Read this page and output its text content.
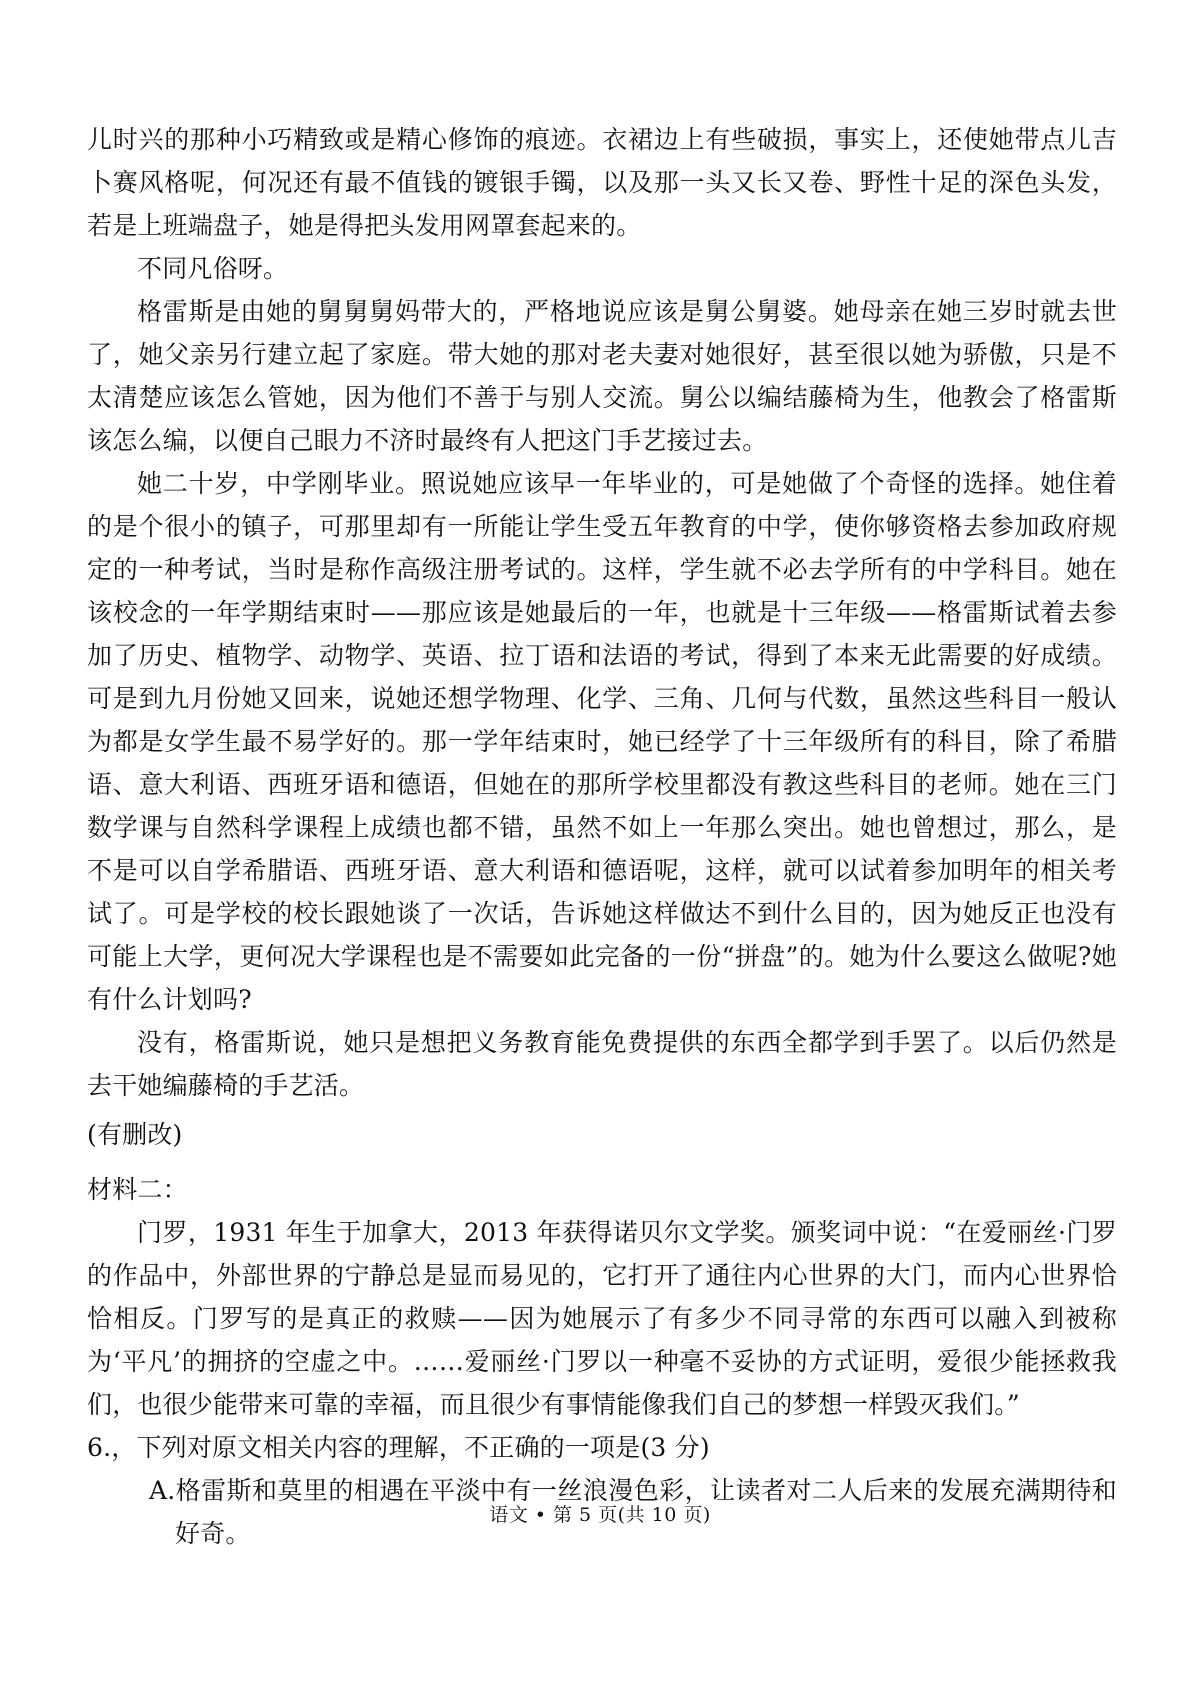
儿时兴的那种小巧精致或是精心修饰的痕迹。衣裙边上有些破损，事实上，还使她带点儿吉卜赛风格呢，何况还有最不值钱的镀银手镯，以及那一头又长又卷、野性十足的深色头发，若是上班端盘子，她是得把头发用网罩套起来的。

不同凡俗呀。

格雷斯是由她的舅舅舅妈带大的，严格地说应该是舅公舅婆。她母亲在她三岁时就去世了，她父亲另行建立起了家庭。带大她的那对老夫妻对她很好，甚至很以她为骄傲，只是不太清楚应该怎么管她，因为他们不善于与别人交流。舅公以编结藤椅为生，他教会了格雷斯该怎么编，以便自己眼力不济时最终有人把这门手艺接过去。

她二十岁，中学刚毕业。照说她应该早一年毕业的，可是她做了个奇怪的选择。她住着的是个很小的镇子，可那里却有一所能让学生受五年教育的中学，使你够资格去参加政府规定的一种考试，当时是称作高级注册考试的。这样，学生就不必去学所有的中学科目。她在该校念的一年学期结束时——那应该是她最后的一年，也就是十三年级——格雷斯试着去参加了历史、植物学、动物学、英语、拉丁语和法语的考试，得到了本来无此需要的好成绩。可是到九月份她又回来，说她还想学物理、化学、三角、几何与代数，虽然这些科目一般认为都是女学生最不易学好的。那一学年结束时，她已经学了十三年级所有的科目，除了希腊语、意大利语、西班牙语和德语，但她在的那所学校里都没有教这些科目的老师。她在三门数学课与自然科学课程上成绩也都不错，虽然不如上一年那么突出。她也曾想过，那么，是不是可以自学希腊语、西班牙语、意大利语和德语呢，这样，就可以试着参加明年的相关考试了。可是学校的校长跟她谈了一次话，告诉她这样做达不到什么目的，因为她反正也没有可能上大学，更何况大学课程也是不需要如此完备的一份“拼盘”的。她为什么要这么做呢?她有什么计划吗?

没有，格雷斯说，她只是想把义务教育能免费提供的东西全都学到手罢了。以后仍然是去干她编藤椅的手艺活。

(有删改)

材料二：

门罗，1931 年生于加拿大，2013 年获得诺贝尔文学奖。颁奖词中说：“在爱丽丝·门罗的作品中，外部世界的宁静总是显而易见的，它打开了通往内心世界的大门，而内心世界恰恰相反。门罗写的是真正的救赎——因为她展示了有多少不同寻常的东西可以融入到被称为‘平凡’的拥挤的空虚之中。……爱丽丝·门罗以一种毫不妥协的方式证明，爱很少能拯救我们，也很少能带来可靠的幸福，而且很少有事情能像我们自己的梦想一样毁灭我们。”

6.，下列对原文相关内容的理解，不正确的一项是(3 分)

A.格雷斯和莫里的相遇在平淡中有一丝浪漫色彩，让读者对二人后来的发展充满期待和好奇。

语文 • 第 5 页(共 10 页)
